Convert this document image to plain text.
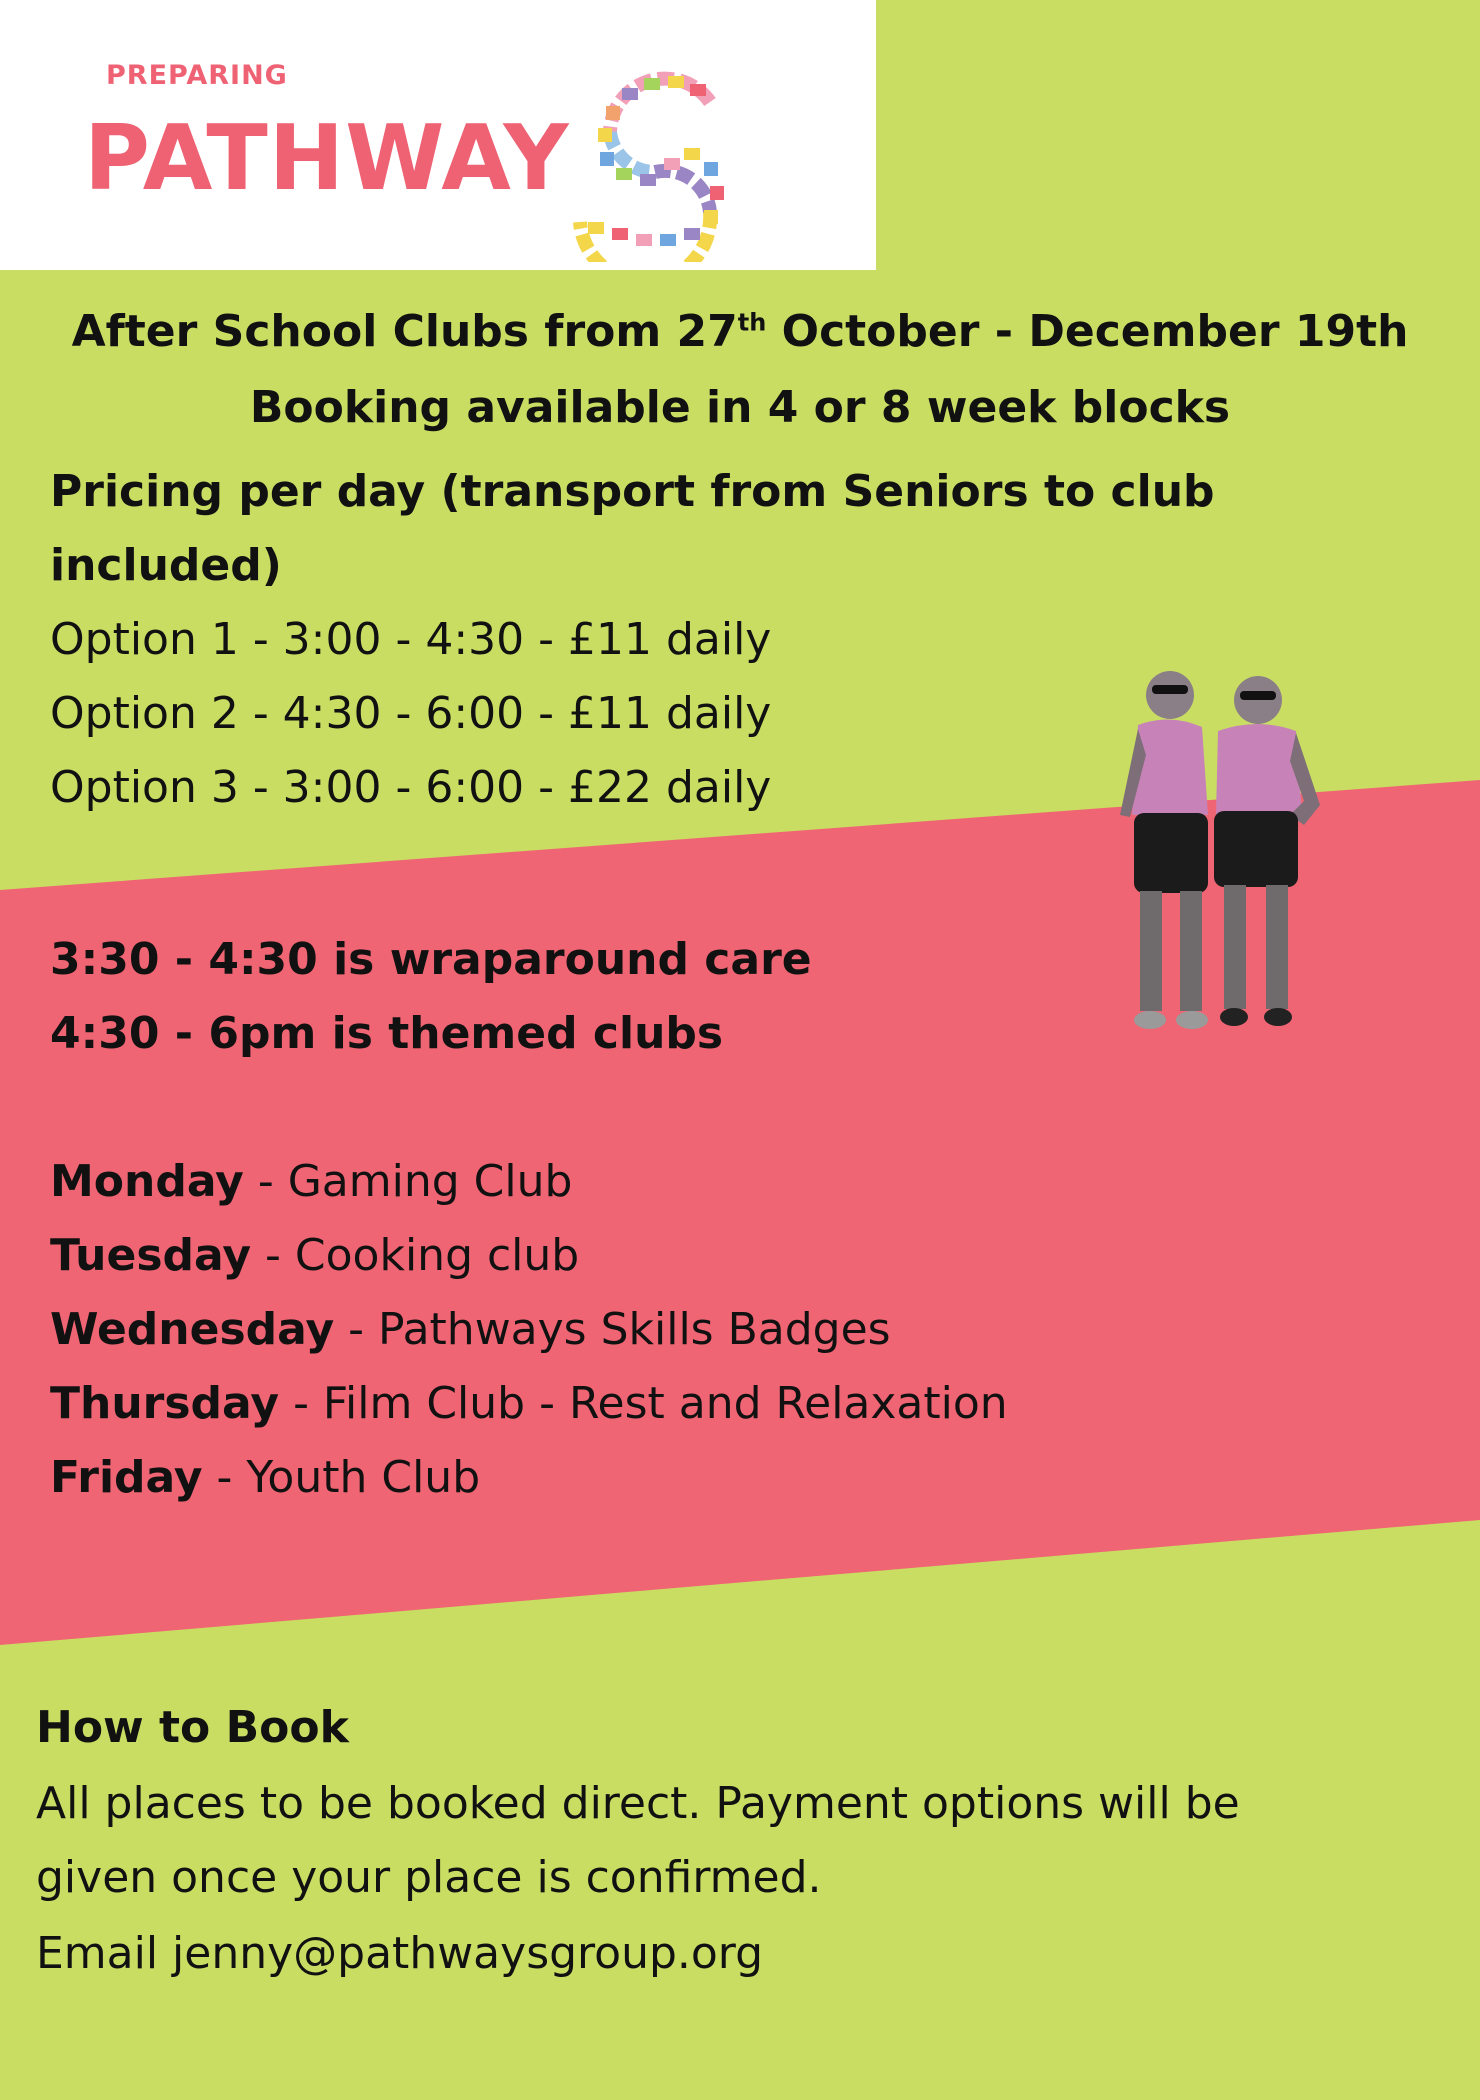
PREPARING
PATHWAY
After School Clubs from 27th October - December 19th
Booking available in 4 or 8 week blocks
Pricing per day (transport from Seniors to club
included)
Option 1 - 3:00 - 4:30 - £11 daily
Option 2 - 4:30 - 6:00 - £11 daily
Option 3 - 3:00 - 6:00 - £22 daily
3:30 - 4:30 is wraparound care
4:30 - 6pm is themed clubs
Monday - Gaming Club
Tuesday - Cooking club
Wednesday - Pathways Skills Badges
Thursday - Film Club - Rest and Relaxation
Friday - Youth Club
How to Book
All places to be booked direct. Payment options will be
given once your place is confirmed.
Email jenny@pathwaysgroup.org
